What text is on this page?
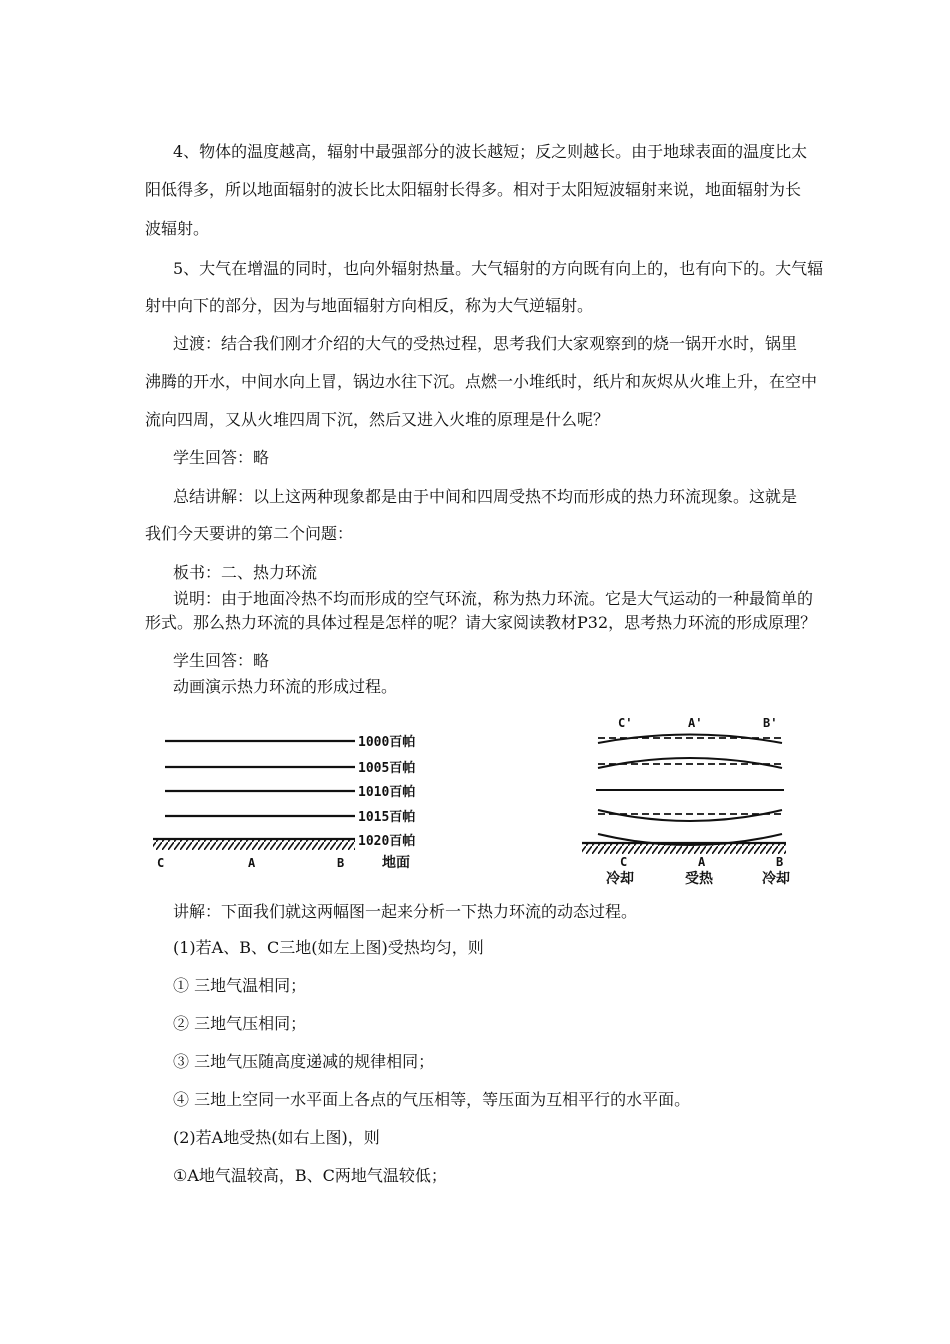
4、物体的温度越高，辐射中最强部分的波长越短；反之则越长。由于地球表面的温度比太
阳低得多，所以地面辐射的波长比太阳辐射长得多。相对于太阳短波辐射来说，地面辐射为长
波辐射。
5、大气在增温的同时，也向外辐射热量。大气辐射的方向既有向上的，也有向下的。大气辐
射中向下的部分，因为与地面辐射方向相反，称为大气逆辐射。
过渡：结合我们刚才介绍的大气的受热过程，思考我们大家观察到的烧一锅开水时，锅里
沸腾的开水，中间水向上冒，锅边水往下沉。点燃一小堆纸时，纸片和灰烬从火堆上升，在空中
流向四周，又从火堆四周下沉，然后又进入火堆的原理是什么呢？
学生回答：略
总结讲解：以上这两种现象都是由于中间和四周受热不均而形成的热力环流现象。这就是
我们今天要讲的第二个问题：
板书：二、热力环流
说明：由于地面冷热不均而形成的空气环流，称为热力环流。它是大气运动的一种最简单的
形式。那么热力环流的具体过程是怎样的呢？请大家阅读教材P32，思考热力环流的形成原理？
学生回答：略
动画演示热力环流的形成过程。
1000百帕
1005百帕
1010百帕
1015百帕
1020百帕
C	A	B	地面
C'	A'	B'
C	A	B
冷却	受热	冷却
讲解：下面我们就这两幅图一起来分析一下热力环流的动态过程。
(1)若A、B、C三地(如左上图)受热均匀，则
① 三地气温相同；
② 三地气压相同；
③ 三地气压随高度递减的规律相同；
④ 三地上空同一水平面上各点的气压相等，等压面为互相平行的水平面。
(2)若A地受热(如右上图)，则
①A地气温较高，B、C两地气温较低；
